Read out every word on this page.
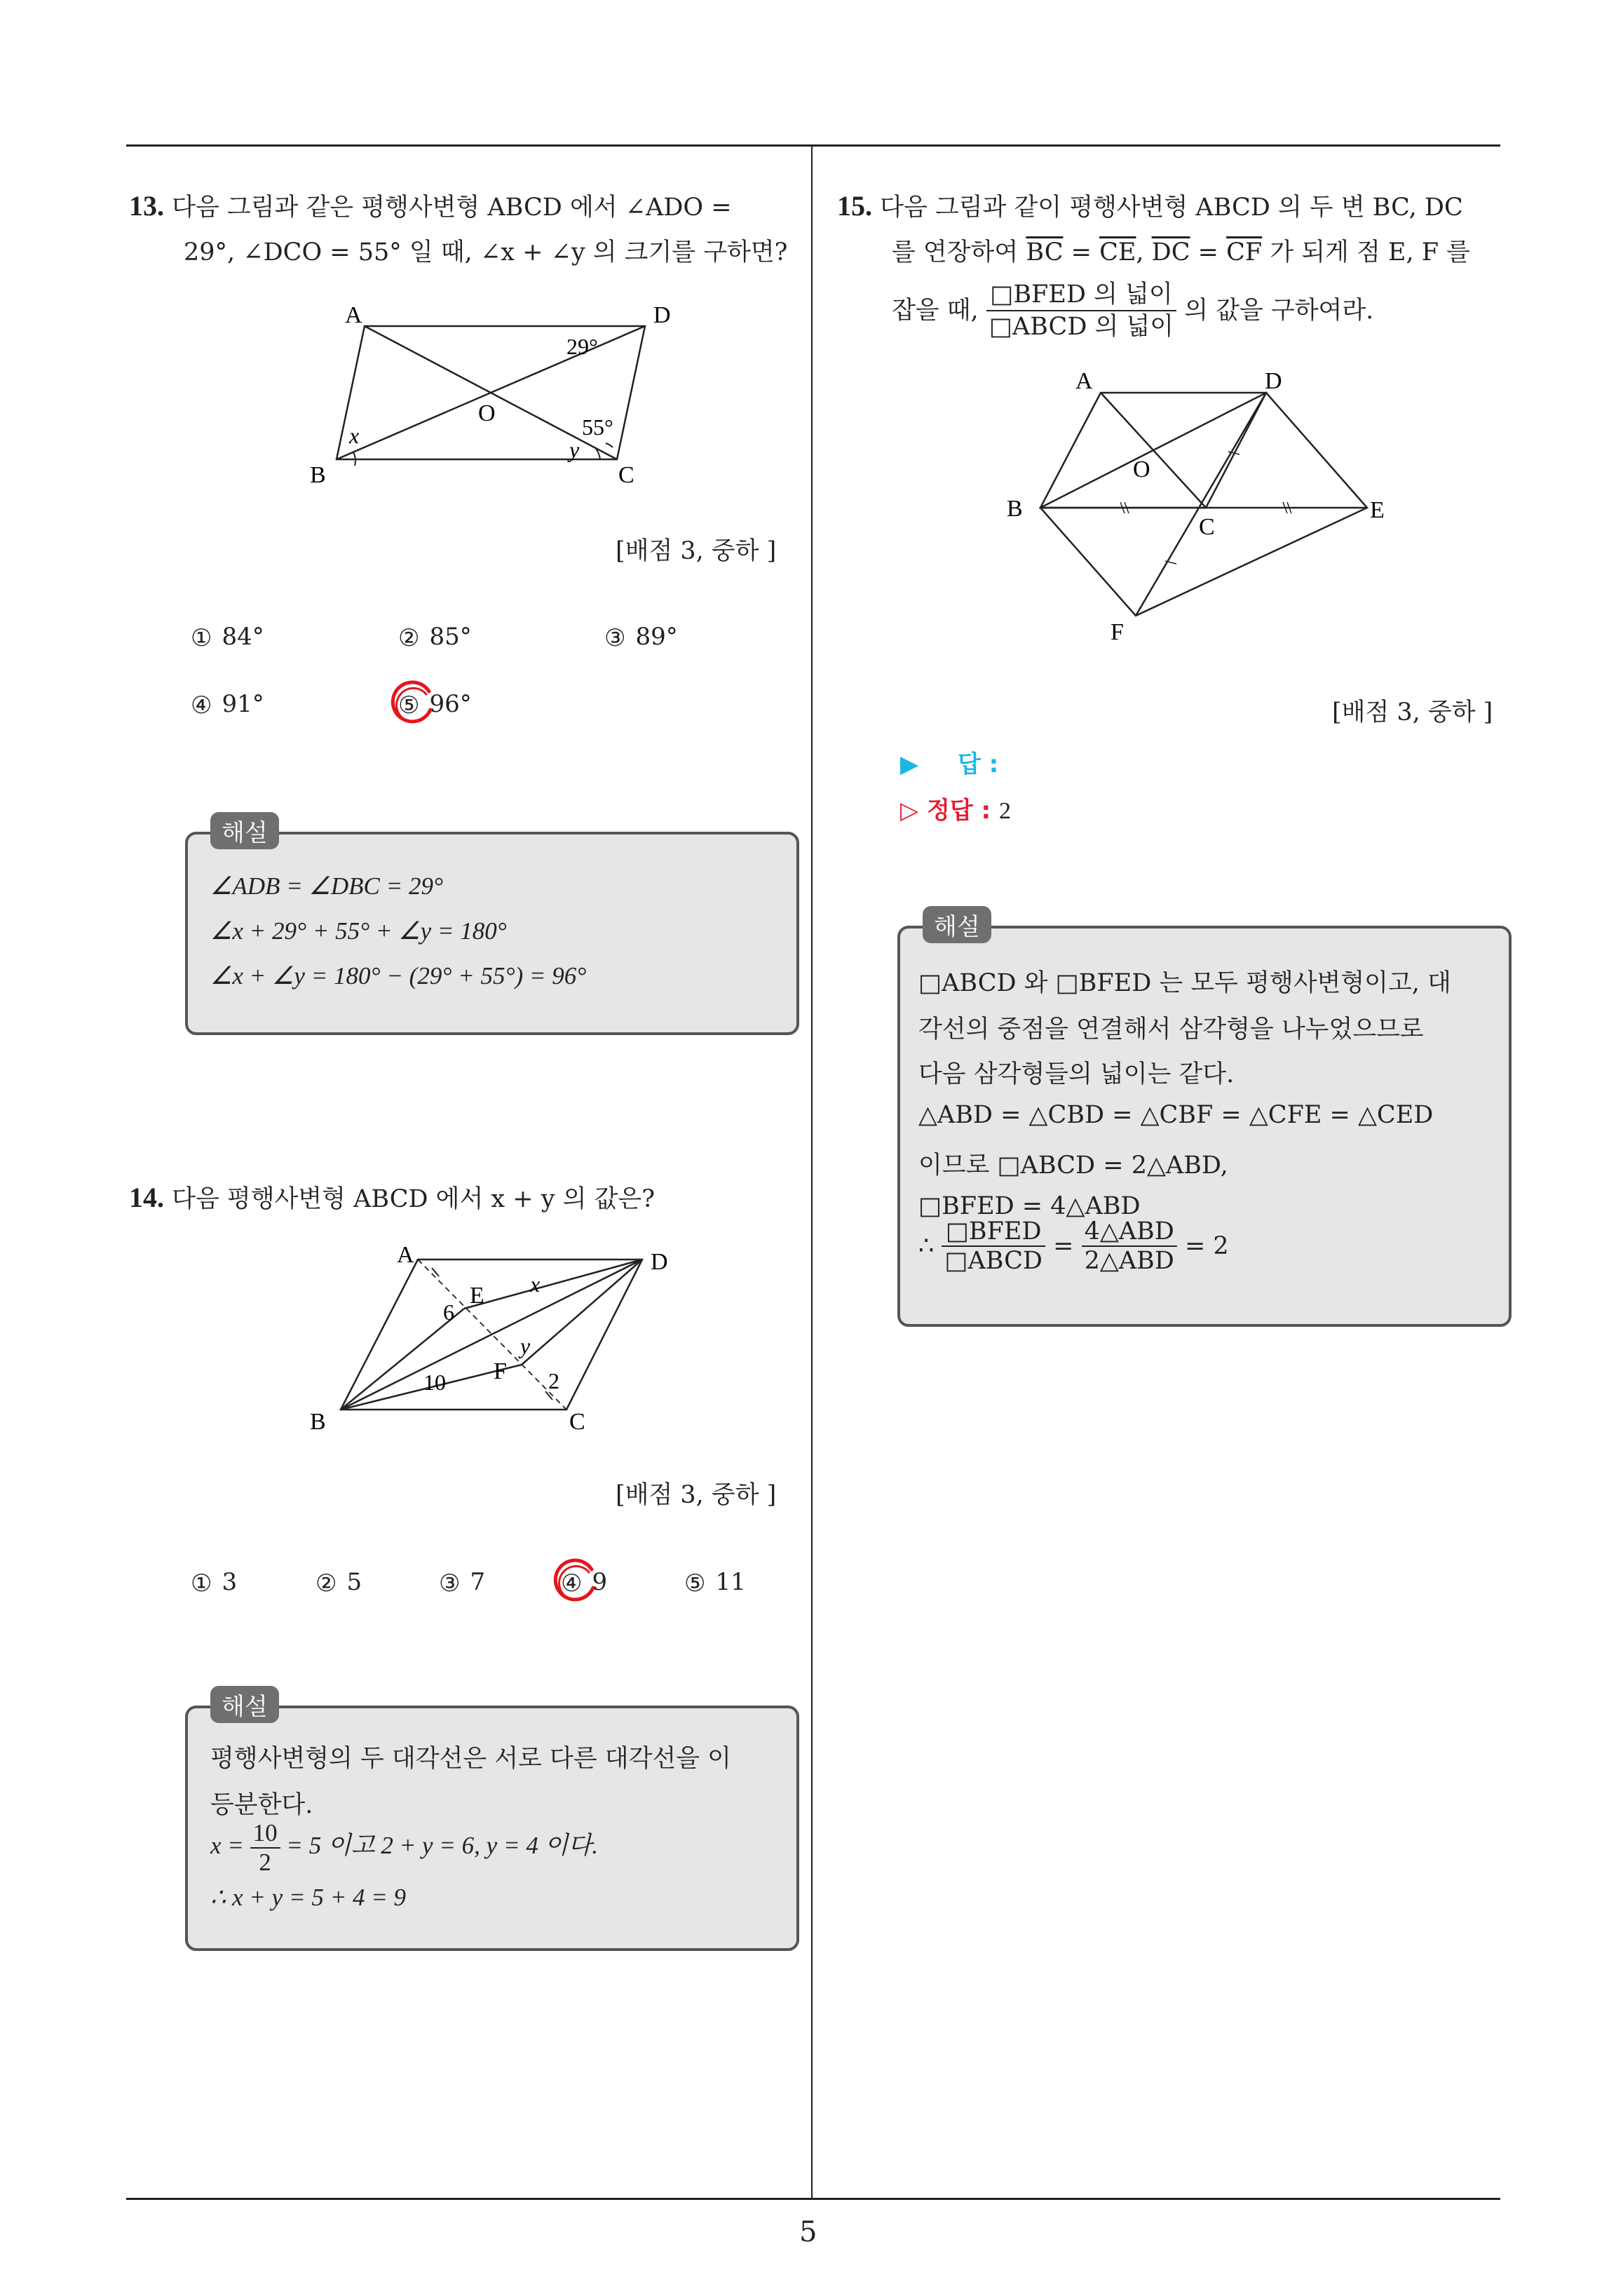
5
13. 다음 그림과 같은 평행사변형 ABCD 에서 ∠ADO =
29°, ∠DCO = 55° 일 때, ∠x + ∠y 의 크기를 구하면?
A	D
B	C
O
x
y
29°
55°
[배점 3, 중하 ]
① 84°	② 85°	③ 89°
④ 91°	⑤ 96°
해설
∠ADB = ∠DBC = 29°
∠x + 29° + 55° + ∠y = 180°
∠x + ∠y = 180° − (29° + 55°) = 96°
14. 다음 평행사변형 ABCD 에서 x + y 의 값은?
A	D
B	C
E
F
x
y
6
10	2
[배점 3, 중하 ]
① 3	② 5	③ 7	④ 9	⑤ 11
해설
평행사변형의 두 대각선은 서로 다른 대각선을 이
등분한다.
$x = \frac{10}{2} = 5$ 이고 2 + y = 6, y = 4 이다.
∴ x + y = 5 + 4 = 9
15. 다음 그림과 같이 평행사변형 ABCD 의 두 변 BC, DC
를 연장하여 $\overline{BC} = \overline{CE}$, $\overline{DC} = \overline{CF}$ 가 되게 점 E, F 를
잡을 때, $\frac{\text{□BFED 의 넓이}}{\text{□ABCD 의 넓이}}$ 의 값을 구하여라.
A	D
B
C
E
F
O
[배점 3, 중하 ]
▶ 답 :
▷ 정답 : 2
해설
□ABCD 와 □BFED 는 모두 평행사변형이고, 대
각선의 중점을 연결해서 삼각형을 나누었으므로
다음 삼각형들의 넓이는 같다.
△ABD = △CBD = △CBF = △CFE = △CED
이므로 □ABCD = 2△ABD,
□BFED = 4△ABD
∴ $\frac{\text{□BFED}}{\text{□ABCD}} = \frac{\text{4△ABD}}{\text{2△ABD}} = 2$
